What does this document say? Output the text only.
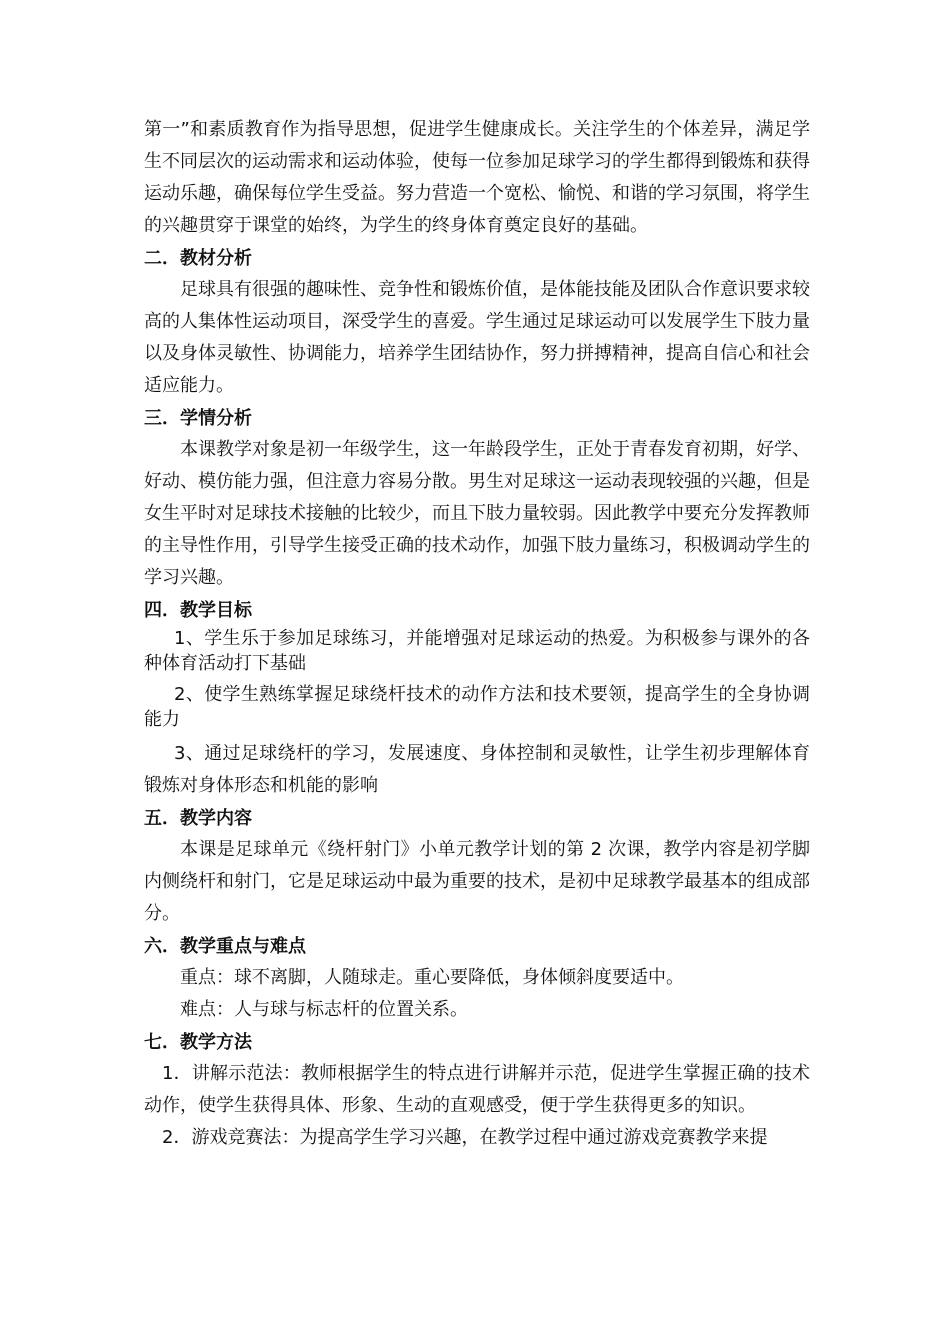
第一”和素质教育作为指导思想，促进学生健康成长。关注学生的个体差异，满足学生不同层次的运动需求和运动体验，使每一位参加足球学习的学生都得到锻炼和获得运动乐趣，确保每位学生受益。努力营造一个宽松、愉悦、和谐的学习氛围，将学生的兴趣贯穿于课堂的始终，为学生的终身体育奠定良好的基础。

二．教材分析

足球具有很强的趣味性、竞争性和锻炼价值，是体能技能及团队合作意识要求较高的人集体性运动项目，深受学生的喜爱。学生通过足球运动可以发展学生下肢力量以及身体灵敏性、协调能力，培养学生团结协作，努力拼搏精神，提高自信心和社会适应能力。

三．学情分析

本课教学对象是初一年级学生，这一年龄段学生，正处于青春发育初期，好学、好动、模仿能力强，但注意力容易分散。男生对足球这一运动表现较强的兴趣，但是女生平时对足球技术接触的比较少，而且下肢力量较弱。因此教学中要充分发挥教师的主导性作用，引导学生接受正确的技术动作，加强下肢力量练习，积极调动学生的学习兴趣。

四．教学目标

1、学生乐于参加足球练习，并能增强对足球运动的热爱。为积极参与课外的各种体育活动打下基础

2、使学生熟练掌握足球绕杆技术的动作方法和技术要领，提高学生的全身协调能力

3、通过足球绕杆的学习，发展速度、身体控制和灵敏性，让学生初步理解体育锻炼对身体形态和机能的影响

五．教学内容

本课是足球单元《绕杆射门》小单元教学计划的第 2 次课，教学内容是初学脚内侧绕杆和射门，它是足球运动中最为重要的技术，是初中足球教学最基本的组成部分。

六．教学重点与难点

重点：球不离脚，人随球走。重心要降低，身体倾斜度要适中。

难点：人与球与标志杆的位置关系。

七．教学方法

1．讲解示范法：教师根据学生的特点进行讲解并示范，促进学生掌握正确的技术动作，使学生获得具体、形象、生动的直观感受，便于学生获得更多的知识。

2．游戏竞赛法：为提高学生学习兴趣，在教学过程中通过游戏竞赛教学来提
